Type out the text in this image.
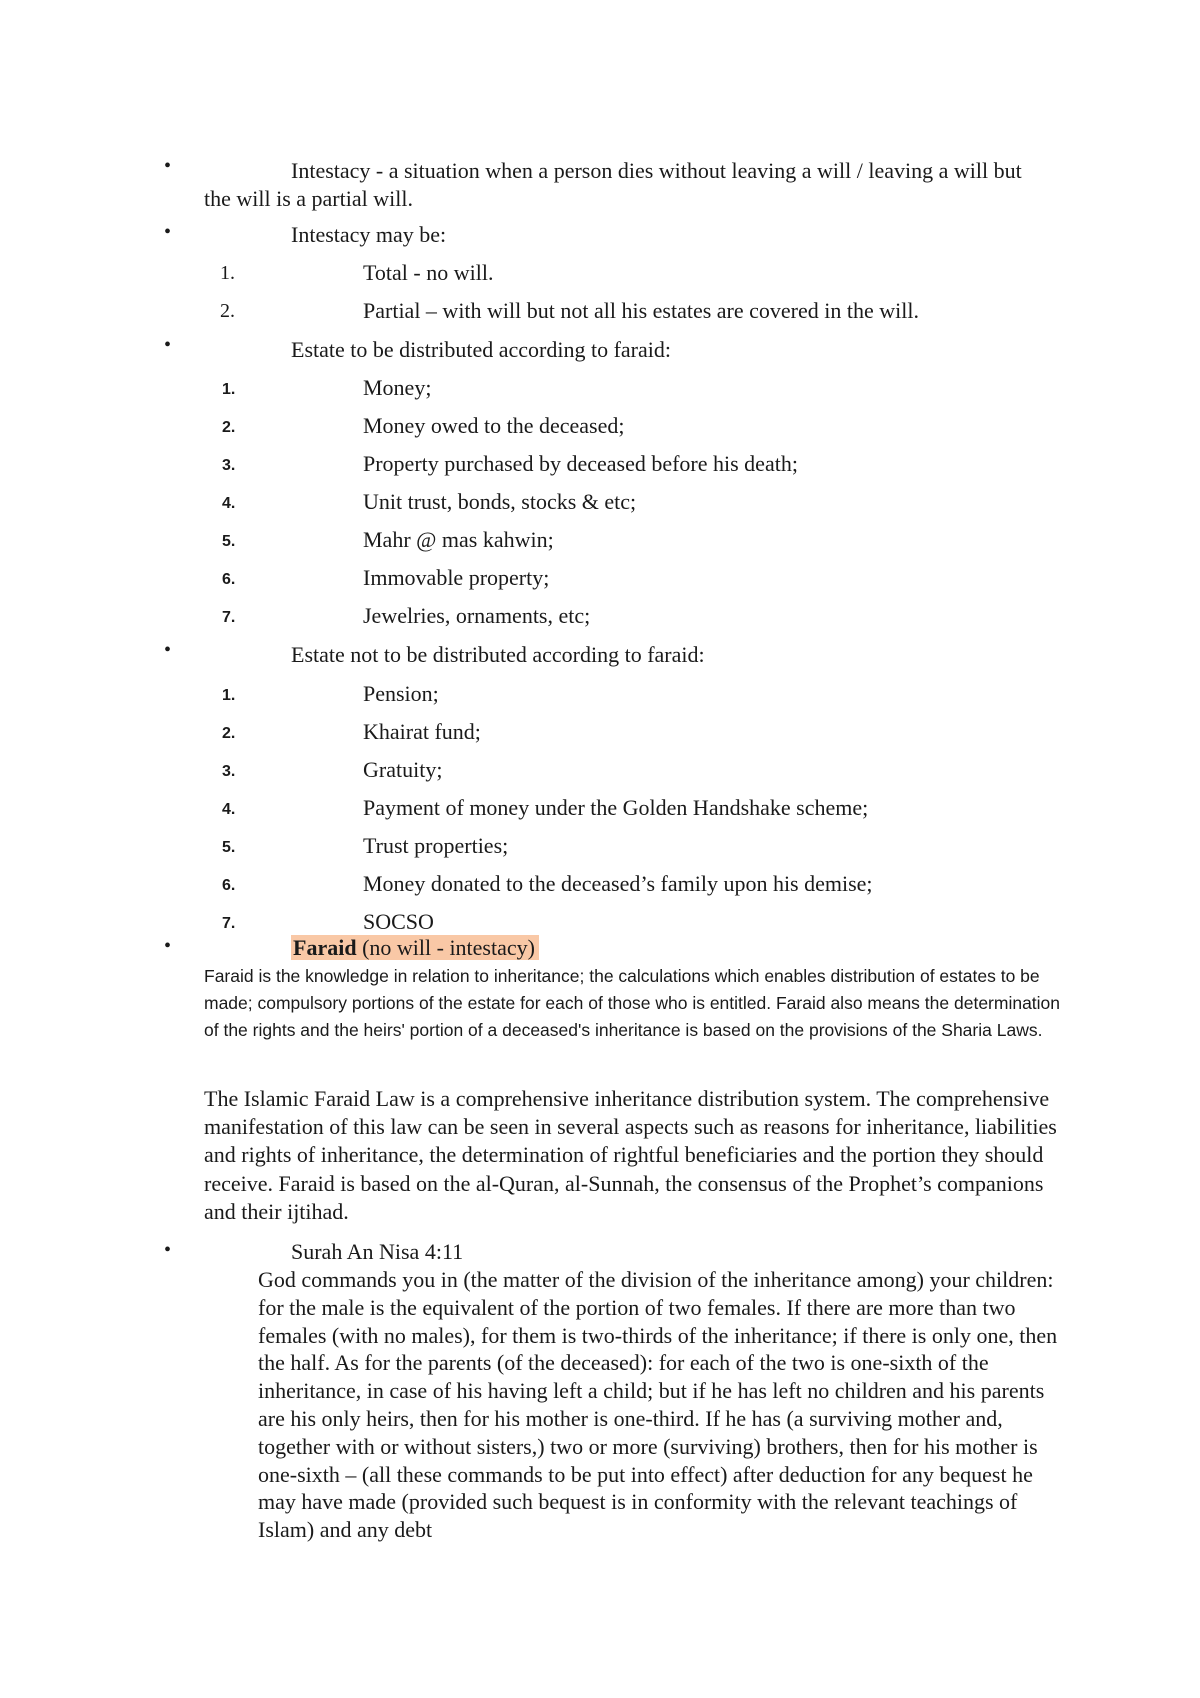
•	Intestacy - a situation when a person dies without leaving a will / leaving a will but the will is a partial will.
•	Intestacy may be:
1.	Total - no will.
2.	Partial – with will but not all his estates are covered in the will.
•	Estate to be distributed according to faraid:
1.	Money;
2.	Money owed to the deceased;
3.	Property purchased by deceased before his death;
4.	Unit trust, bonds, stocks & etc;
5.	Mahr @ mas kahwin;
6.	Immovable property;
7.	Jewelries, ornaments, etc;
•	Estate not to be distributed according to faraid:
1.	Pension;
2.	Khairat fund;
3.	Gratuity;
4.	Payment of money under the Golden Handshake scheme;
5.	Trust properties;
6.	Money donated to the deceased’s family upon his demise;
7.	SOCSO
•	Faraid (no will - intestacy)
Faraid is the knowledge in relation to inheritance; the calculations which enables distribution of estates to be made; compulsory portions of the estate for each of those who is entitled. Faraid also means the determination of the rights and the heirs' portion of a deceased's inheritance is based on the provisions of the Sharia Laws.
The Islamic Faraid Law is a comprehensive inheritance distribution system. The comprehensive manifestation of this law can be seen in several aspects such as reasons for inheritance, liabilities and rights of inheritance, the determination of rightful beneficiaries and the portion they should receive. Faraid is based on the al-Quran, al-Sunnah, the consensus of the Prophet’s companions and their ijtihad.
•	Surah An Nisa 4:11
God commands you in (the matter of the division of the inheritance among) your children: for the male is the equivalent of the portion of two females. If there are more than two females (with no males), for them is two-thirds of the inheritance; if there is only one, then the half. As for the parents (of the deceased): for each of the two is one-sixth of the inheritance, in case of his having left a child; but if he has left no children and his parents are his only heirs, then for his mother is one-third. If he has (a surviving mother and, together with or without sisters,) two or more (surviving) brothers, then for his mother is one-sixth – (all these commands to be put into effect) after deduction for any bequest he may have made (provided such bequest is in conformity with the relevant teachings of Islam) and any debt
